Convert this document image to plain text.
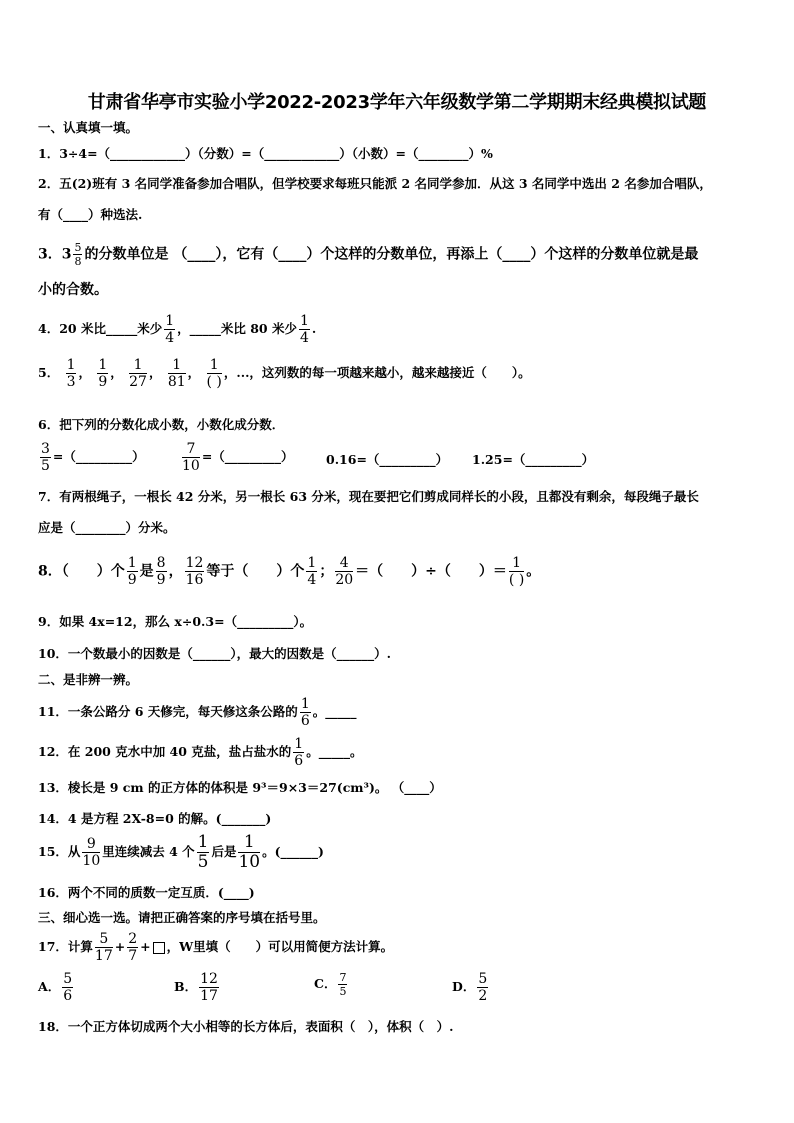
甘肃省华亭市实验小学2022-2023学年六年级数学第二学期期末经典模拟试题
一、认真填一填。
1．3÷4=（____________）（分数）=（____________）（小数）=（________）%
2．五(2)班有 3 名同学准备参加合唱队，但学校要求每班只能派 2 名同学参加．从这 3 名同学中选出 2 名参加合唱队，
有（____）种选法.
3．$3 \frac{5}{8}$ 的分数单位是 （____），它有（____）个这样的分数单位，再添上（____）个这样的分数单位就是最
小的合数。
4．20 米比_____米少 $\frac{1}{4}$ ，_____米比 80 米少 $\frac{1}{4}$ .
5． $\frac{1}{3}$ ， $\frac{1}{9}$ ， $\frac{1}{27}$ ， $\frac{1}{81}$ ， $\frac{1}{( )}$ ，...，这列数的每一项越来越小，越来越接近（　　）。
6．把下列的分数化成小数，小数化成分数．
$\frac{3}{5}$ =（_________）	$\frac{7}{10}$ =（_________）	0.16=（_________） 1.25=（_________）
7．有两根绳子，一根长 42 分米，另一根长 63 分米，现在要把它们剪成同样长的小段，且都没有剩余，每段绳子最长
应是（________）分米。
8．（　　）个 $\frac{1}{9}$ 是 $\frac{8}{9}$ ， $\frac{12}{16}$ 等于（　　）个 $\frac{1}{4}$ ； $\frac{4}{20}$ ＝（　　）÷（　　）＝ $\frac{1}{( )}$ 。
9．如果 4x=12，那么 x÷0.3=（_________）。
10．一个数最小的因数是（______），最大的因数是（______）.
二、是非辨一辨。
11．一条公路分 6 天修完，每天修这条公路的 $\frac{1}{6}$ 。_____
12．在 200 克水中加 40 克盐，盐占盐水的 $\frac{1}{6}$ 。_____。
13．棱长是 9 cm 的正方体的体积是 9³＝9×3＝27(cm³)。 （____）
14．4 是方程 2X-8=0 的解。(_______)
15．从 $\frac{9}{10}$ 里连续减去 4 个 $\frac{1}{5}$ 后是 $\frac{1}{10}$ 。(______)
16．两个不同的质数一定互质．(____)
三、细心选一选。请把正确答案的序号填在括号里。
17．计算 $\frac{5}{17} + \frac{2}{7}$ + ，W里填（　　）可以用简便方法计算。
A． $\frac{5}{6}$	B． $\frac{12}{17}$	C． $\frac{7}{5}$	D． $\frac{5}{2}$
18．一个正方体切成两个大小相等的长方体后，表面积（　），体积（　）.
